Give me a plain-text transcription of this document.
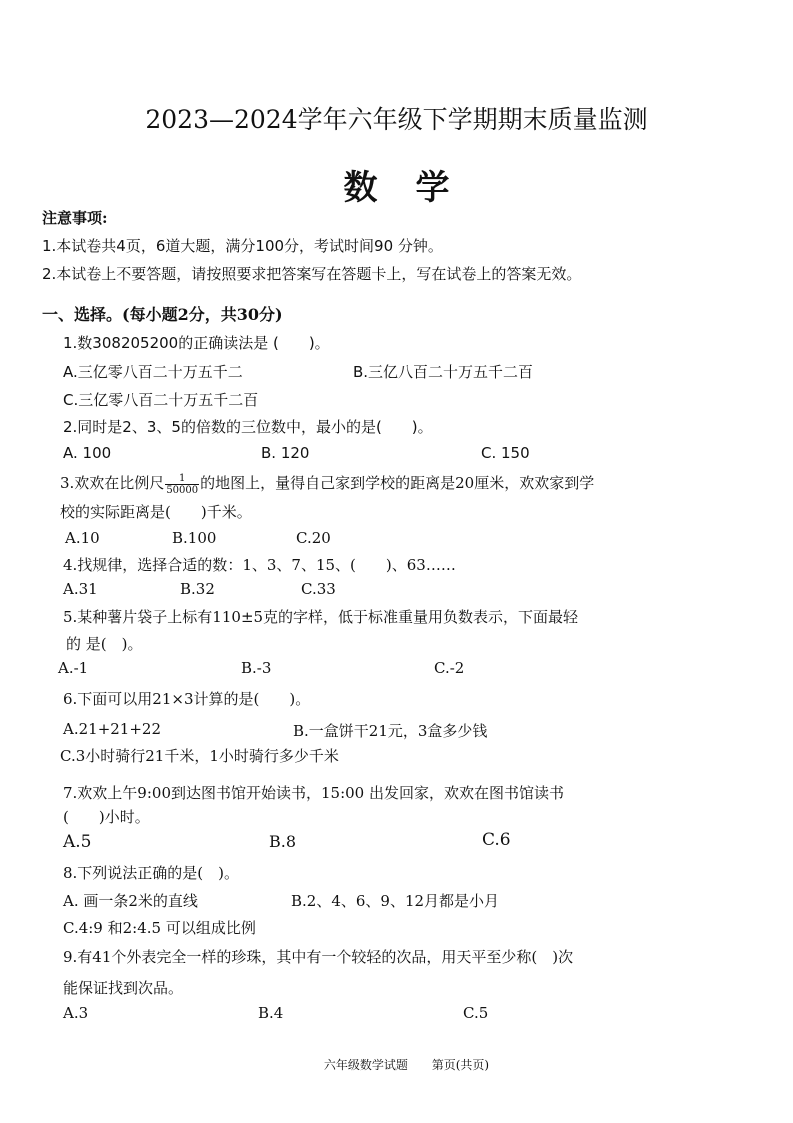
2023—2024学年六年级下学期期末质量监测
数学
注意事项:
1.本试卷共4页，6道大题，满分100分，考试时间90 分钟。
2.本试卷上不要答题，请按照要求把答案写在答题卡上，写在试卷上的答案无效。
一、选择。(每小题2分，共30分)
1.数308205200的正确读法是 (　　)。
A.三亿零八百二十万五千二	B.三亿八百二十万五千二百
C.三亿零八百二十万五千二百
2.同时是2、3、5的倍数的三位数中，最小的是(　　)。
A. 100	B. 120	C. 150
3.欢欢在比例尺 $\frac{1}{50000}$ 的地图上，量得自己家到学校的距离是20厘米，欢欢家到学
校的实际距离是(　　)千米。
A.10	B.100	C.20
4.找规律，选择合适的数：1、3、7、15、(　　)、63……
A.31	B.32	C.33
5.某种薯片袋子上标有110±5克的字样，低于标准重量用负数表示，下面最轻
的 是(　)。
A.-1	B.-3	C.-2
6.下面可以用21×3计算的是(　　)。
A.21+21+22	B.一盒饼干21元，3盒多少钱
C.3小时骑行21千米，1小时骑行多少千米
7.欢欢上午9:00到达图书馆开始读书，15:00 出发回家，欢欢在图书馆读书
(　　)小时。
A.5	B.8	C.6
8.下列说法正确的是(　)。
A. 画一条2米的直线	B.2、4、6、9、12月都是小月
C.4:9 和2:4.5 可以组成比例
9.有41个外表完全一样的珍珠，其中有一个较轻的次品，用天平至少称(　)次
能保证找到次品。
A.3	B.4	C.5
六年级数学试题 第页(共页)
